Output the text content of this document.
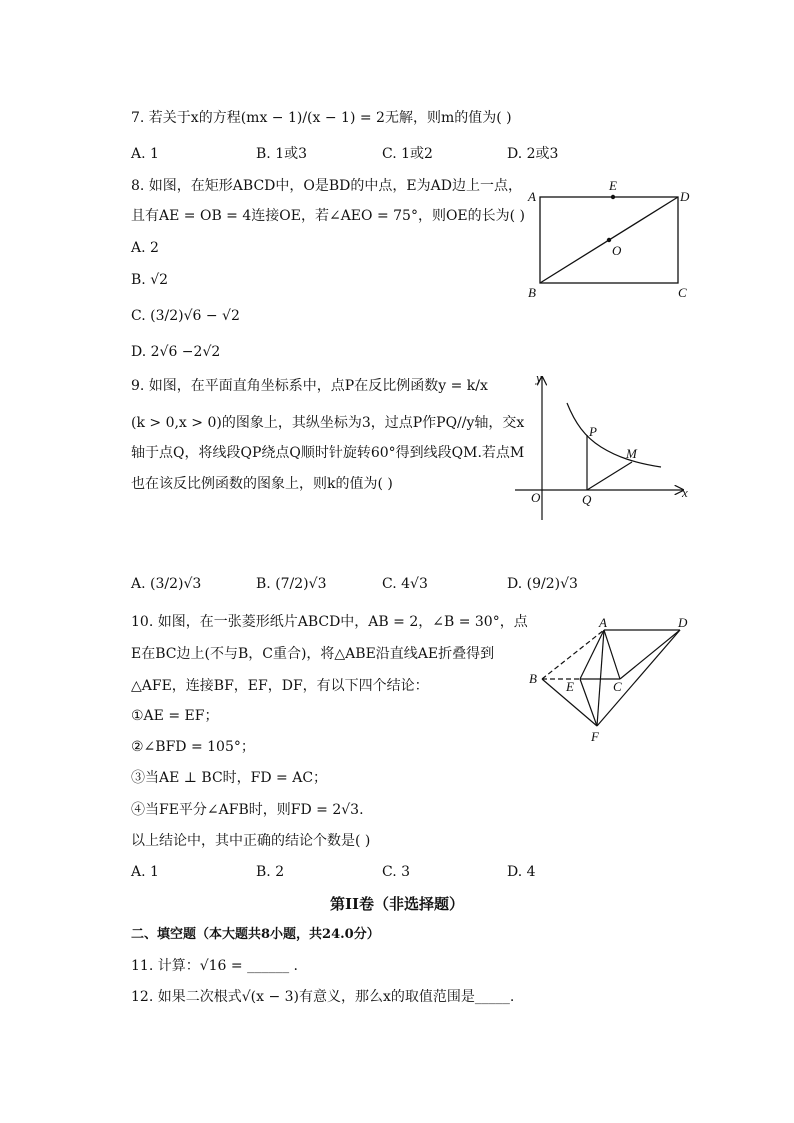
7. 若关于x的方程(mx − 1)/(x − 1) = 2无解，则m的值为( )
A. 1	B. 1或3	C. 1或2	D. 2或3
8. 如图，在矩形ABCD中，O是BD的中点，E为AD边上一点，
且有AE = OB = 4连接OE，若∠AEO = 75°，则OE的长为( )
A. 2
B. √2
C. (3/2)√6 − √2
D. 2√6 −2√2
A
E
D
O
B	C
9. 如图，在平面直角坐标系中，点P在反比例函数y = k/x
(k > 0,x > 0)的图象上，其纵坐标为3，过点P作PQ//y轴，交x
轴于点Q，将线段QP绕点Q顺时针旋转60°得到线段QM.若点M
也在该反比例函数的图象上，则k的值为( )
A. (3/2)√3	B. (7/2)√3	C. 4√3	D. (9/2)√3
y
x
O
P
M
Q
10. 如图，在一张菱形纸片ABCD中，AB = 2，∠B = 30°，点
E在BC边上(不与B，C重合)，将△ABE沿直线AE折叠得到
△AFE，连接BF，EF，DF，有以下四个结论：
①AE = EF；
②∠BFD = 105°；
③当AE ⊥ BC时，FD = AC；
④当FE平分∠AFB时，则FD = 2√3.
以上结论中，其中正确的结论个数是( )
A. 1	B. 2	C. 3	D. 4
A	D
B
E	C
F
第II卷（非选择题）
二、填空题（本大题共8小题，共24.0分）
11. 计算：√16 = ______ .
12. 如果二次根式√(x − 3)有意义，那么x的取值范围是_____.
